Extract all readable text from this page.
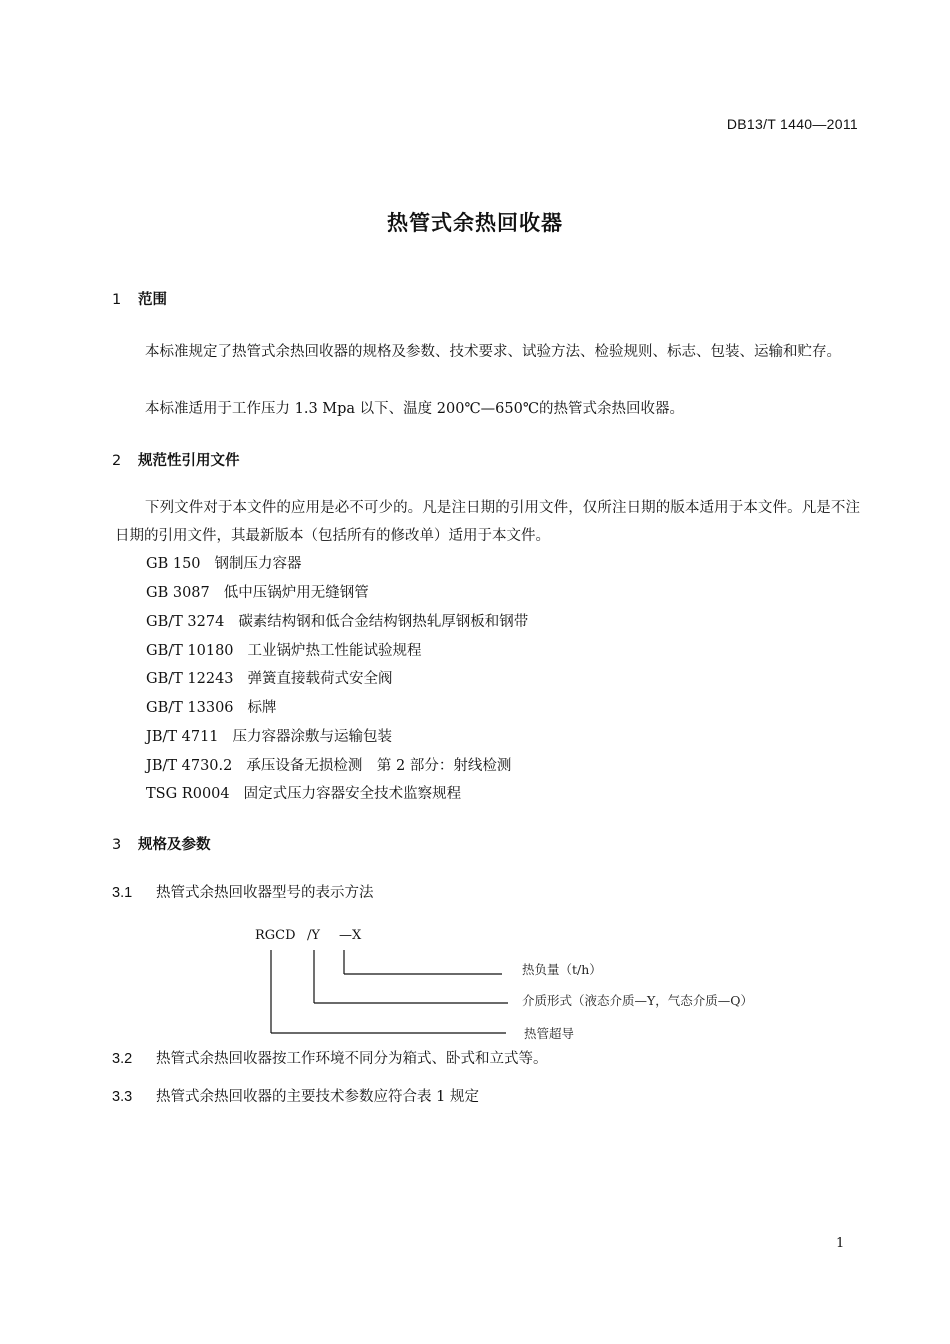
DB13/T 1440—2011
热管式余热回收器
1 范围

本标准规定了热管式余热回收器的规格及参数、技术要求、试验方法、检验规则、标志、包装、运输和贮存。

本标准适用于工作压力 1.3 Mpa 以下、温度 200℃—650℃的热管式余热回收器。

2 规范性引用文件

下列文件对于本文件的应用是必不可少的。凡是注日期的引用文件，仅所注日期的版本适用于本文件。凡是不注日期的引用文件，其最新版本（包括所有的修改单）适用于本文件。

GB 150 钢制压力容器
GB 3087 低中压锅炉用无缝钢管
GB/T 3274 碳素结构钢和低合金结构钢热轧厚钢板和钢带
GB/T 10180 工业锅炉热工性能试验规程
GB/T 12243 弹簧直接载荷式安全阀
GB/T 13306 标牌
JB/T 4711 压力容器涂敷与运输包装
JB/T 4730.2 承压设备无损检测　第 2 部分：射线检测
TSG R0004 固定式压力容器安全技术监察规程
3 规格及参数
3.1 热管式余热回收器型号的表示方法
RGCD /Y —X
热负量（t/h）
介质形式（液态介质—Y，气态介质—Q）
热管超导
3.2 热管式余热回收器按工作环境不同分为箱式、卧式和立式等。
3.3 热管式余热回收器的主要技术参数应符合表 1 规定
1
